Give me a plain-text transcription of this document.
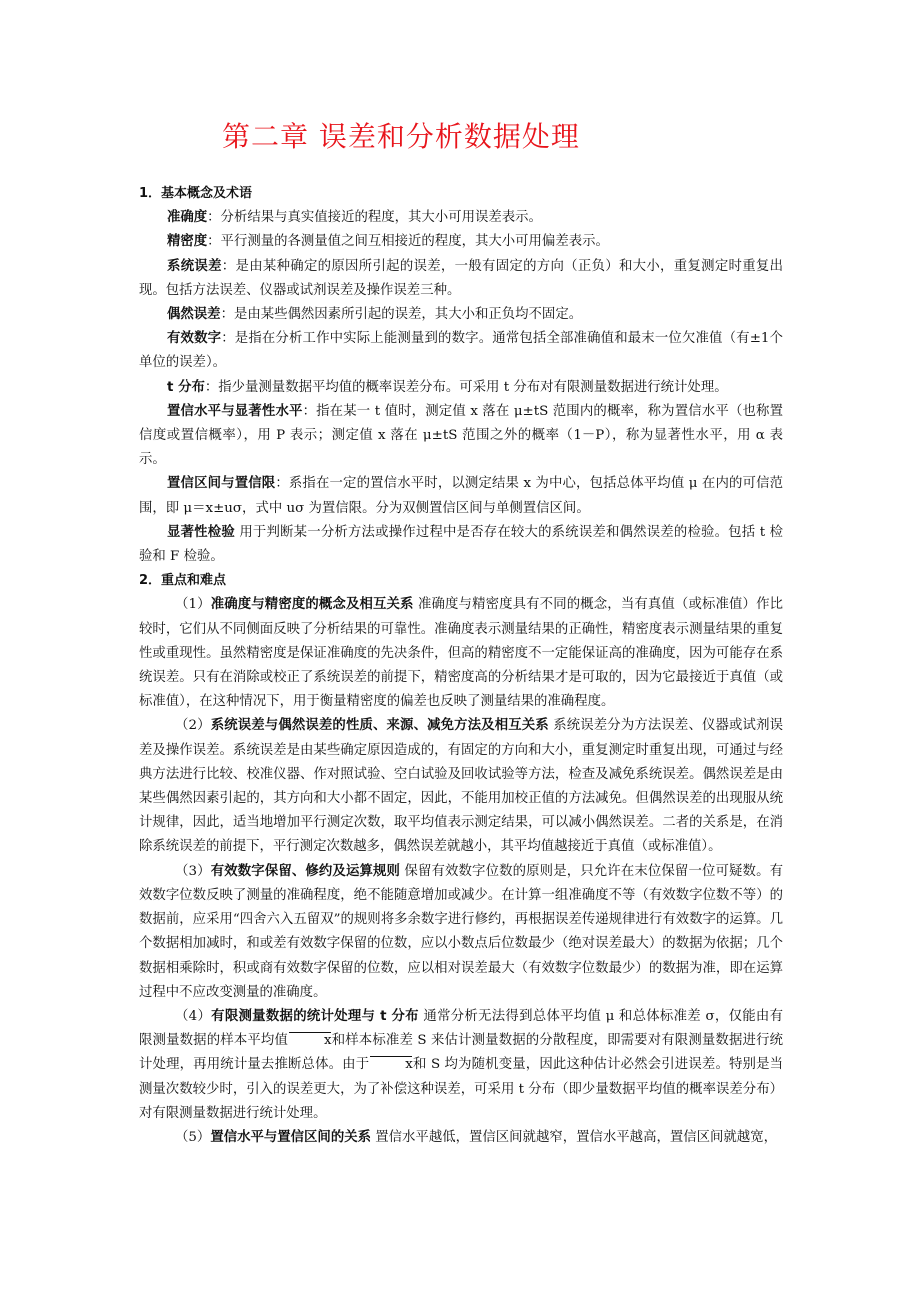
第二章 误差和分析数据处理

1．基本概念及术语

准确度：分析结果与真实值接近的程度，其大小可用误差表示。

精密度：平行测量的各测量值之间互相接近的程度，其大小可用偏差表示。

系统误差：是由某种确定的原因所引起的误差，一般有固定的方向（正负）和大小，重复测定时重复出现。包括方法误差、仪器或试剂误差及操作误差三种。

偶然误差：是由某些偶然因素所引起的误差，其大小和正负均不固定。

有效数字：是指在分析工作中实际上能测量到的数字。通常包括全部准确值和最末一位欠准值（有±1个单位的误差）。

t 分布：指少量测量数据平均值的概率误差分布。可采用 t 分布对有限测量数据进行统计处理。

置信水平与显著性水平：指在某一 t 值时，测定值 x 落在 μ±tS 范围内的概率，称为置信水平（也称置信度或置信概率），用 P 表示；测定值 x 落在 μ±tS 范围之外的概率（1－P），称为显著性水平，用 α 表示。

置信区间与置信限：系指在一定的置信水平时，以测定结果 x 为中心，包括总体平均值 μ 在内的可信范围，即 μ＝x±uσ，式中 uσ 为置信限。分为双侧置信区间与单侧置信区间。

显著性检验 用于判断某一分析方法或操作过程中是否存在较大的系统误差和偶然误差的检验。包括 t 检验和 F 检验。

2．重点和难点

（1）准确度与精密度的概念及相互关系 准确度与精密度具有不同的概念，当有真值（或标准值）作比较时，它们从不同侧面反映了分析结果的可靠性。准确度表示测量结果的正确性，精密度表示测量结果的重复性或重现性。虽然精密度是保证准确度的先决条件，但高的精密度不一定能保证高的准确度，因为可能存在系统误差。只有在消除或校正了系统误差的前提下，精密度高的分析结果才是可取的，因为它最接近于真值（或标准值），在这种情况下，用于衡量精密度的偏差也反映了测量结果的准确程度。

（2）系统误差与偶然误差的性质、来源、减免方法及相互关系 系统误差分为方法误差、仪器或试剂误差及操作误差。系统误差是由某些确定原因造成的，有固定的方向和大小，重复测定时重复出现，可通过与经典方法进行比较、校准仪器、作对照试验、空白试验及回收试验等方法，检查及减免系统误差。偶然误差是由某些偶然因素引起的，其方向和大小都不固定，因此，不能用加校正值的方法减免。但偶然误差的出现服从统计规律，因此，适当地增加平行测定次数，取平均值表示测定结果，可以减小偶然误差。二者的关系是，在消除系统误差的前提下，平行测定次数越多，偶然误差就越小，其平均值越接近于真值（或标准值）。

（3）有效数字保留、修约及运算规则 保留有效数字位数的原则是，只允许在末位保留一位可疑数。有效数字位数反映了测量的准确程度，绝不能随意增加或减少。在计算一组准确度不等（有效数字位数不等）的数据前，应采用“四舍六入五留双”的规则将多余数字进行修约，再根据误差传递规律进行有效数字的运算。几个数据相加减时，和或差有效数字保留的位数，应以小数点后位数最少（绝对误差最大）的数据为依据；几个数据相乘除时，积或商有效数字保留的位数，应以相对误差最大（有效数字位数最少）的数据为准，即在运算过程中不应改变测量的准确度。

（4）有限测量数据的统计处理与 t 分布 通常分析无法得到总体平均值 μ 和总体标准差 σ，仅能由有限测量数据的样本平均值	x和样本标准差 S 来估计测量数据的分散程度，即需要对有限测量数据进行统计处理，再用统计量去推断总体。由于	x和 S 均为随机变量，因此这种估计必然会引进误差。特别是当测量次数较少时，引入的误差更大，为了补偿这种误差，可采用 t 分布（即少量数据平均值的概率误差分布）对有限测量数据进行统计处理。

（5）置信水平与置信区间的关系 置信水平越低，置信区间就越窄，置信水平越高，置信区间就越宽，
